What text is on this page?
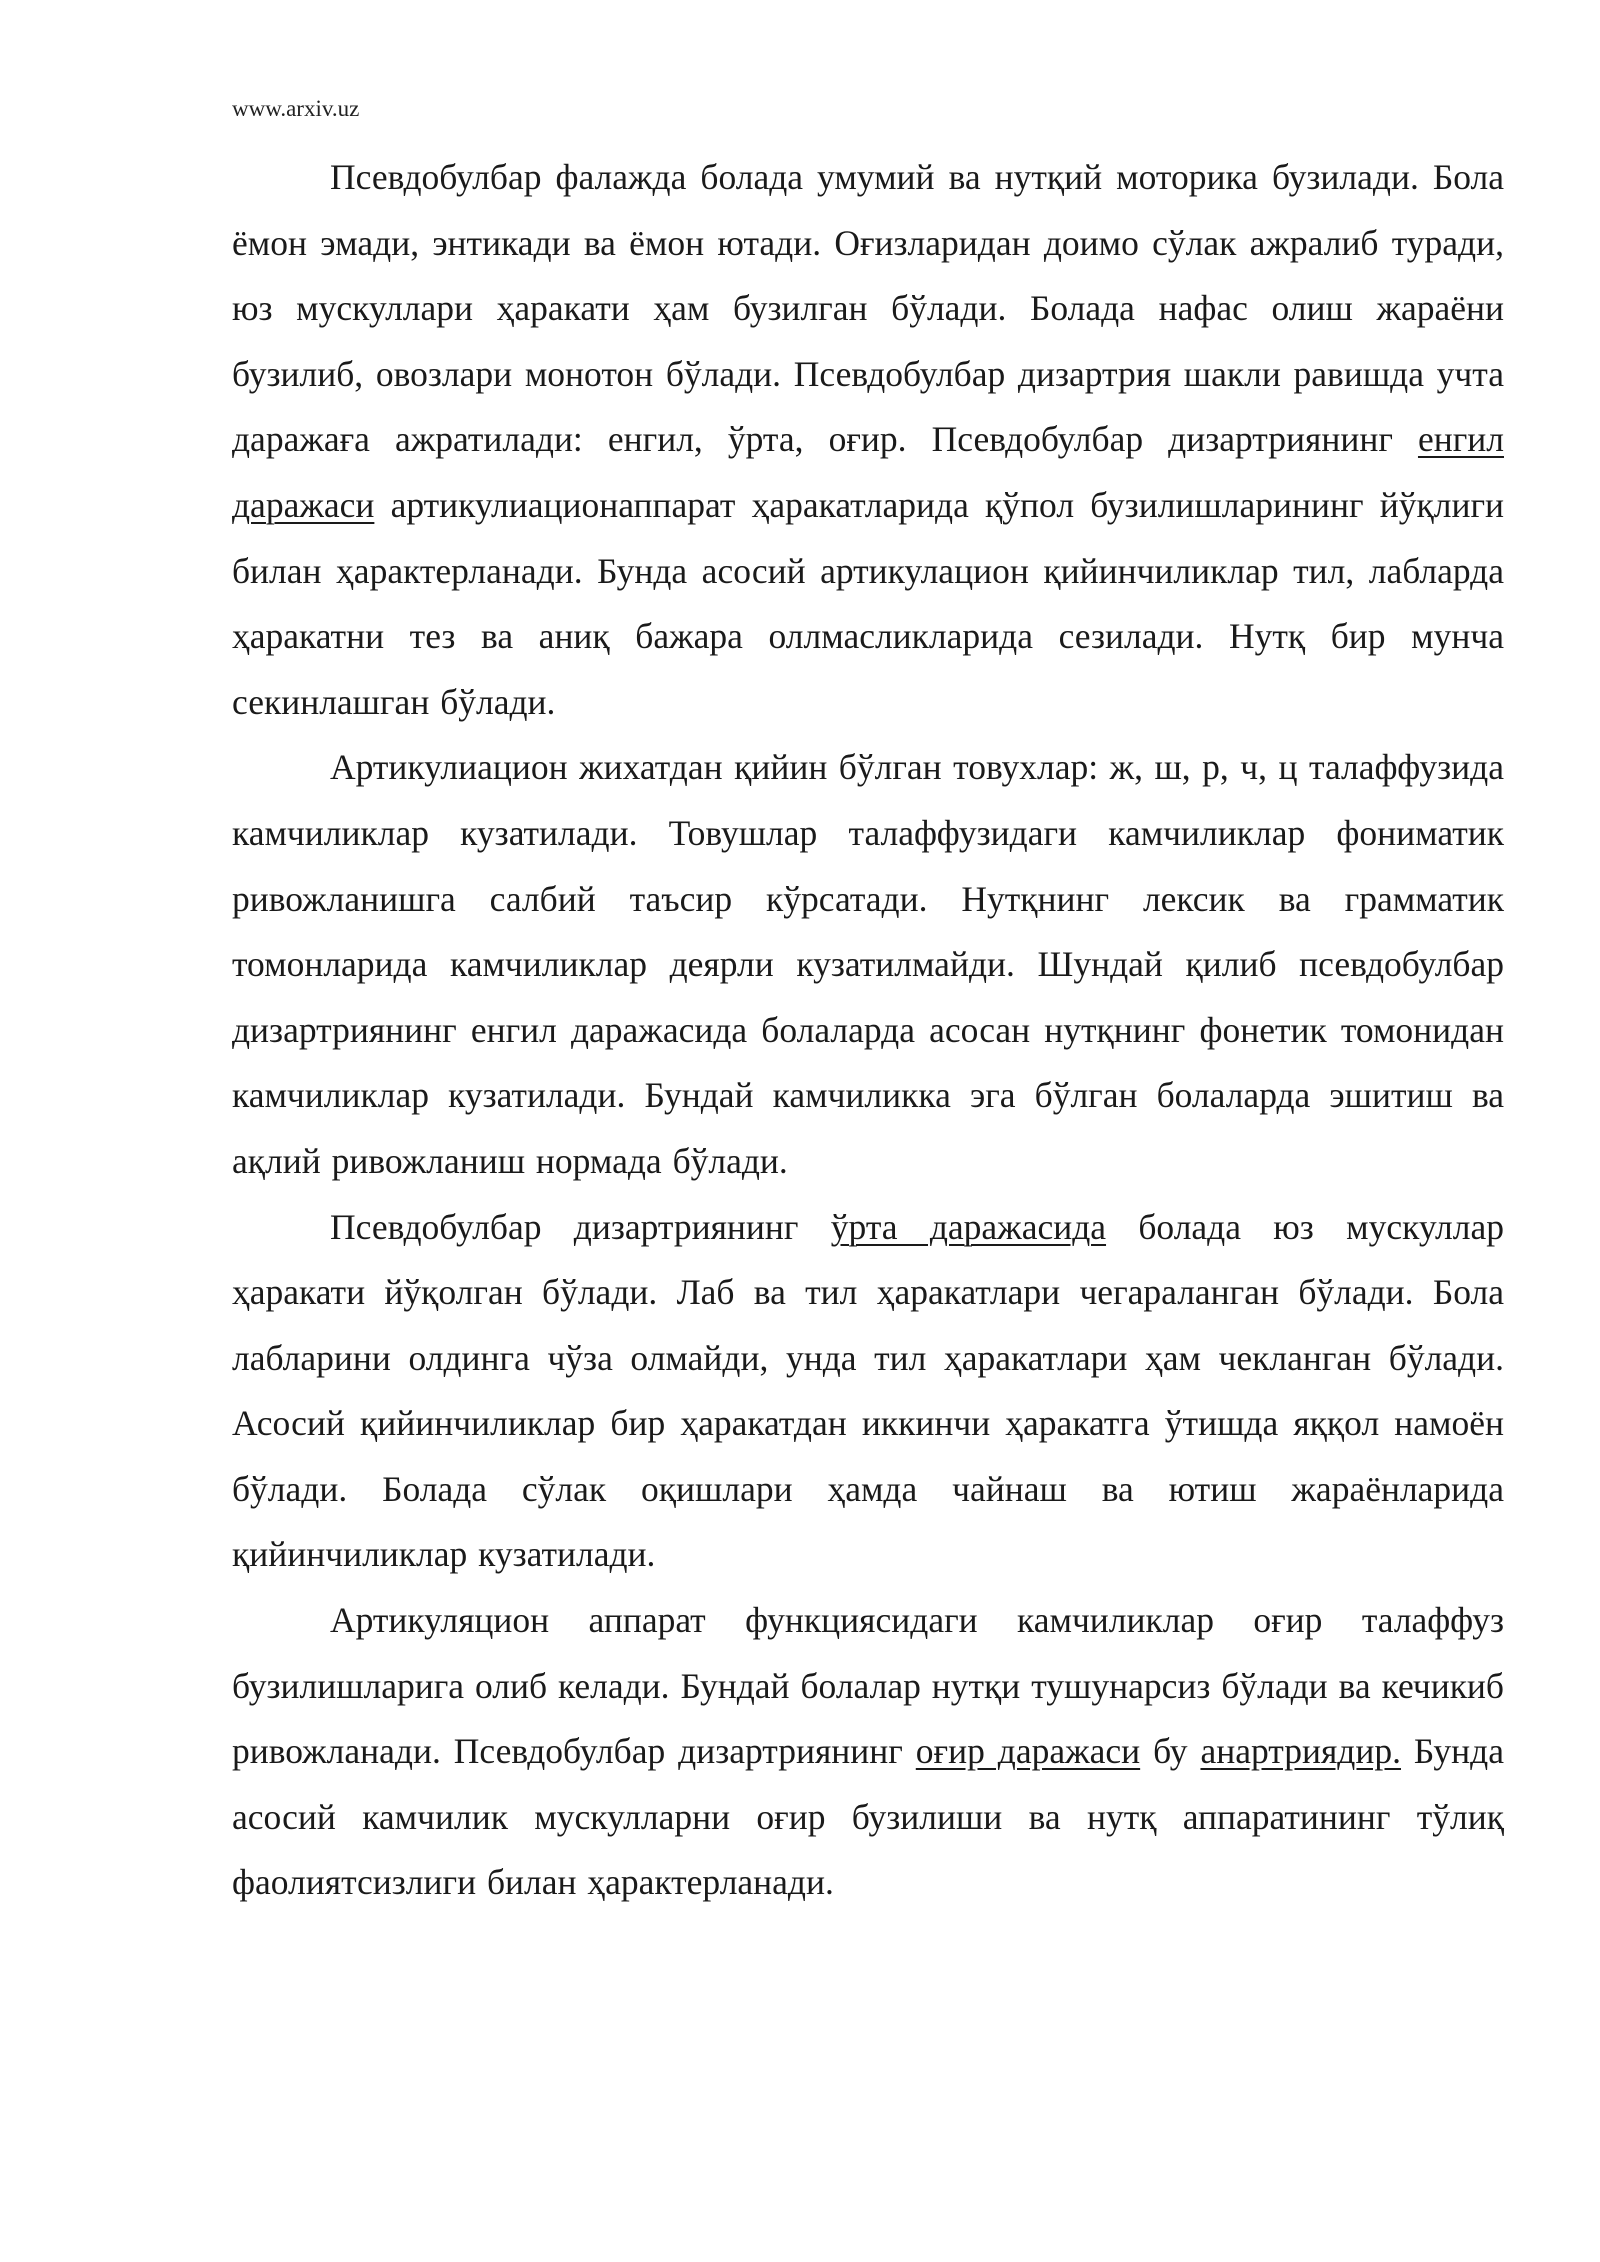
www.arxiv.uz

Псевдобулбар фалажда болада умумий ва нутқий моторика бузилади. Бола ёмон эмади, энтикади ва ёмон ютади. Оғизларидан доимо сўлак ажралиб туради, юз мускуллари ҳаракати ҳам бузилган бўлади. Болада нафас олиш жараёни бузилиб, овозлари монотон бўлади. Псевдобулбар дизартрия шакли равишда учта даражаға ажратилади: енгил, ўрта, оғир. Псевдобулбар дизартриянинг енгил даражаси артикулиационаппарат ҳаракатларида қўпол бузилишларининг йўқлиги билан ҳарактерланади. Бунда асосий артикулацион қийинчиликлар тил, лабларда ҳаракатни тез ва аниқ бажара оллмасликларида сезилади. Нутқ бир мунча секинлашган бўлади.

Артикулиацион жихатдан қийин бўлган товухлар: ж, ш, р, ч, ц талаффузида камчиликлар кузатилади. Товушлар талаффузидаги камчиликлар фониматик ривожланишга салбий таъсир кўрсатади. Нутқнинг лексик ва грамматик томонларида камчиликлар деярли кузатилмайди. Шундай қилиб псевдобулбар дизартриянинг енгил даражасида болаларда асосан нутқнинг фонетик томонидан камчиликлар кузатилади. Бундай камчиликка эга бўлган болаларда эшитиш ва ақлий ривожланиш нормада бўлади.

Псевдобулбар дизартриянинг ўрта даражасида болада юз мускуллар ҳаракати йўқолган бўлади. Лаб ва тил ҳаракатлари чегараланган бўлади. Бола лабларини олдинга чўза олмайди, унда тил ҳаракатлари ҳам чекланган бўлади. Асосий қийинчиликлар бир ҳаракатдан иккинчи ҳаракатга ўтишда яққол намоён бўлади. Болада сўлак оқишлари ҳамда чайнаш ва ютиш жараёнларида қийинчиликлар кузатилади.

Артикуляцион аппарат функциясидаги камчиликлар оғир талаффуз бузилишларига олиб келади. Бундай болалар нутқи тушунарсиз бўлади ва кечикиб ривожланади. Псевдобулбар дизартриянинг оғир даражаси бу анартриядир. Бунда асосий камчилик мускулларни оғир бузилиши ва нутқ аппаратининг тўлиқ фаолиятсизлиги билан ҳарактерланади.
